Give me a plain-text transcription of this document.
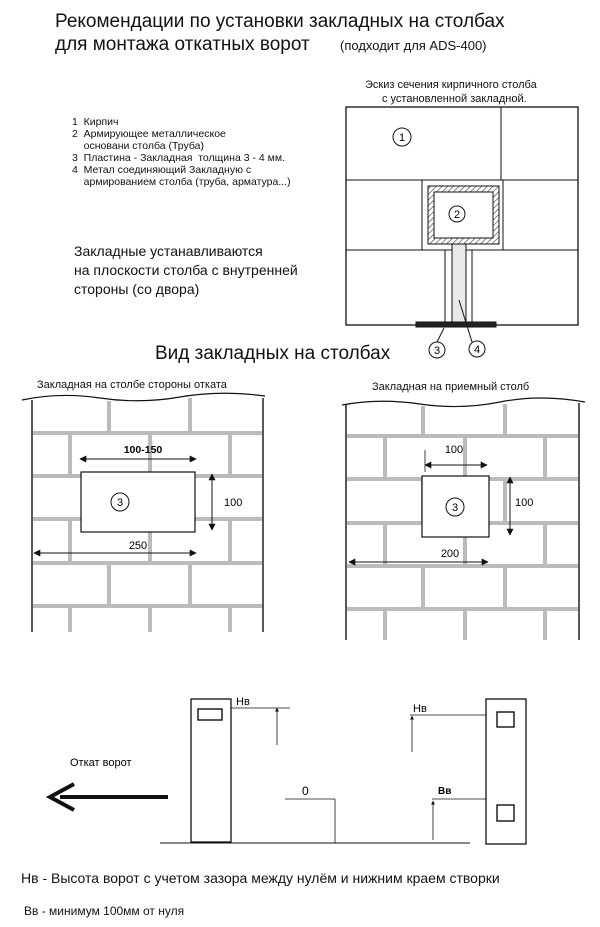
Рекомендации по установки закладных на столбах
для монтажа откатных ворот (подходит для ADS-400)
Эскиз сечения кирпичного столба
с установленной закладной.
1  Кирпич
2  Армирующее металлическое
основани столба (Труба)
3  Пластина - Закладная  толщина 3 - 4 мм.
4  Метал соединяющий Закладную с
армированием столба (труба, арматура...)
Закладные устанавливаются
на плоскости столба с внутренней
стороны (со двора)
Вид закладных на столбах
Закладная на столбе стороны отката	Закладная на приемный столб
1
2
3	4
3
100-150
100
250
3
100
100
200
Нв
Нв
Вв
0
Откат ворот
Нв - Высота ворот с учетом зазора между нулём и нижним краем створки
Вв - минимум 100мм от нуля
